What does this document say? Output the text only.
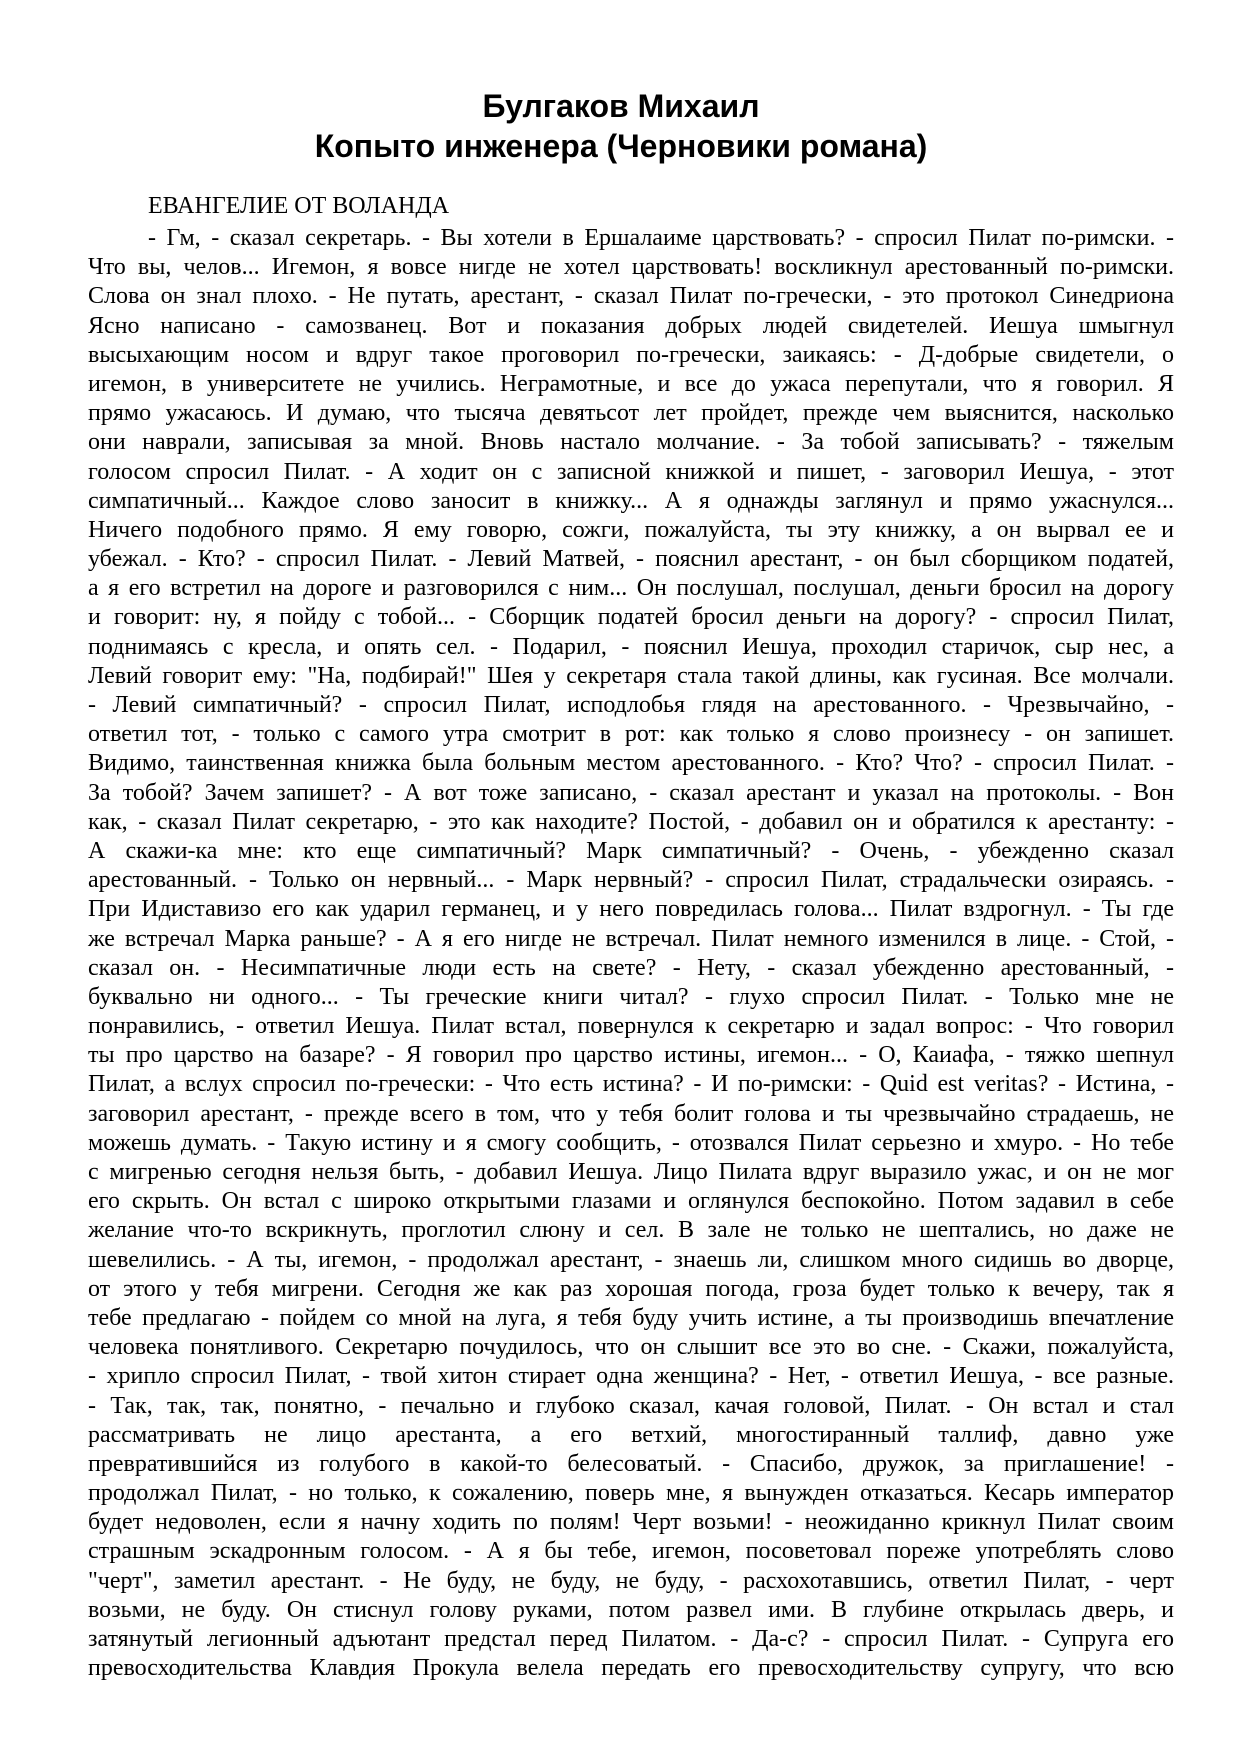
Булгаков Михаил
Копыто инженера (Черновики романа)
ЕВАНГЕЛИЕ ОТ ВОЛАНДА
- Гм, - сказал секретарь. - Вы хотели в Ершалаиме царствовать? - спросил Пилат по-римски. -
Что вы, челов... Игемон, я вовсе нигде не хотел царствовать! воскликнул арестованный по-римски.
Слова он знал плохо. - Не путать, арестант, - сказал Пилат по-гречески, - это протокол Синедриона
Ясно написано - самозванец. Вот и показания добрых людей свидетелей. Иешуа шмыгнул
высыхающим носом и вдруг такое проговорил по-гречески, заикаясь: - Д-добрые свидетели, о
игемон, в университете не учились. Неграмотные, и все до ужаса перепутали, что я говорил. Я
прямо ужасаюсь. И думаю, что тысяча девятьсот лет пройдет, прежде чем выяснится, насколько
они наврали, записывая за мной. Вновь настало молчание. - За тобой записывать? - тяжелым
голосом спросил Пилат. - А ходит он с записной книжкой и пишет, - заговорил Иешуа, - этот
симпатичный... Каждое слово заносит в книжку... А я однажды заглянул и прямо ужаснулся...
Ничего подобного прямо. Я ему говорю, сожги, пожалуйста, ты эту книжку, а он вырвал ее и
убежал. - Кто? - спросил Пилат. - Левий Матвей, - пояснил арестант, - он был сборщиком податей,
а я его встретил на дороге и разговорился с ним... Он послушал, послушал, деньги бросил на дорогу
и говорит: ну, я пойду с тобой... - Сборщик податей бросил деньги на дорогу? - спросил Пилат,
поднимаясь с кресла, и опять сел. - Подарил, - пояснил Иешуа, проходил старичок, сыр нес, а
Левий говорит ему: "На, подбирай!" Шея у секретаря стала такой длины, как гусиная. Все молчали.
- Левий симпатичный? - спросил Пилат, исподлобья глядя на арестованного. - Чрезвычайно, -
ответил тот, - только с самого утра смотрит в рот: как только я слово произнесу - он запишет.
Видимо, таинственная книжка была больным местом арестованного. - Кто? Что? - спросил Пилат. -
За тобой? Зачем запишет? - А вот тоже записано, - сказал арестант и указал на протоколы. - Вон
как, - сказал Пилат секретарю, - это как находите? Постой, - добавил он и обратился к арестанту: -
А скажи-ка мне: кто еще симпатичный? Марк симпатичный? - Очень, - убежденно сказал
арестованный. - Только он нервный... - Марк нервный? - спросил Пилат, страдальчески озираясь. -
При Идиставизо его как ударил германец, и у него повредилась голова... Пилат вздрогнул. - Ты где
же встречал Марка раньше? - А я его нигде не встречал. Пилат немного изменился в лице. - Стой, -
сказал он. - Несимпатичные люди есть на свете? - Нету, - сказал убежденно арестованный, -
буквально ни одного... - Ты греческие книги читал? - глухо спросил Пилат. - Только мне не
понравились, - ответил Иешуа. Пилат встал, повернулся к секретарю и задал вопрос: - Что говорил
ты про царство на базаре? - Я говорил про царство истины, игемон... - О, Каиафа, - тяжко шепнул
Пилат, а вслух спросил по-гречески: - Что есть истина? - И по-римски: - Quid est veritas? - Истина, -
заговорил арестант, - прежде всего в том, что у тебя болит голова и ты чрезвычайно страдаешь, не
можешь думать. - Такую истину и я смогу сообщить, - отозвался Пилат серьезно и хмуро. - Но тебе
с мигренью сегодня нельзя быть, - добавил Иешуа. Лицо Пилата вдруг выразило ужас, и он не мог
его скрыть. Он встал с широко открытыми глазами и оглянулся беспокойно. Потом задавил в себе
желание что-то вскрикнуть, проглотил слюну и сел. В зале не только не шептались, но даже не
шевелились. - А ты, игемон, - продолжал арестант, - знаешь ли, слишком много сидишь во дворце,
от этого у тебя мигрени. Сегодня же как раз хорошая погода, гроза будет только к вечеру, так я
тебе предлагаю - пойдем со мной на луга, я тебя буду учить истине, а ты производишь впечатление
человека понятливого. Секретарю почудилось, что он слышит все это во сне. - Скажи, пожалуйста,
- хрипло спросил Пилат, - твой хитон стирает одна женщина? - Нет, - ответил Иешуа, - все разные.
- Так, так, так, понятно, - печально и глубоко сказал, качая головой, Пилат. - Он встал и стал
рассматривать не лицо арестанта, а его ветхий, многостиранный таллиф, давно уже
превратившийся из голубого в какой-то белесоватый. - Спасибо, дружок, за приглашение! -
продолжал Пилат, - но только, к сожалению, поверь мне, я вынужден отказаться. Кесарь император
будет недоволен, если я начну ходить по полям! Черт возьми! - неожиданно крикнул Пилат своим
страшным эскадронным голосом. - А я бы тебе, игемон, посоветовал пореже употреблять слово
"черт", заметил арестант. - Не буду, не буду, не буду, - расхохотавшись, ответил Пилат, - черт
возьми, не буду. Он стиснул голову руками, потом развел ими. В глубине открылась дверь, и
затянутый легионный адъютант предстал перед Пилатом. - Да-с? - спросил Пилат. - Супруга его
превосходительства Клавдия Прокула велела передать его превосходительству супругу, что всю
